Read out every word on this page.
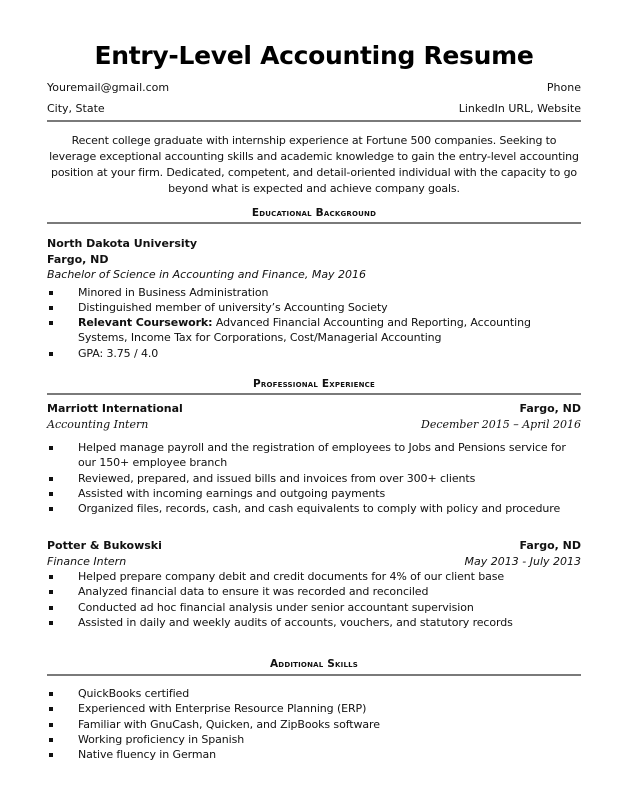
Entry-Level Accounting Resume
Youremail@gmail.com	Phone
City, State	LinkedIn URL, Website
Recent college graduate with internship experience at Fortune 500 companies. Seeking to leverage exceptional accounting skills and academic knowledge to gain the entry-level accounting position at your firm. Dedicated, competent, and detail-oriented individual with the capacity to go beyond what is expected and achieve company goals.
Educational Background
North Dakota University
Fargo, ND
Bachelor of Science in Accounting and Finance, May 2016
Minored in Business Administration
Distinguished member of university’s Accounting Society
Relevant Coursework: Advanced Financial Accounting and Reporting, Accounting Systems, Income Tax for Corporations, Cost/Managerial Accounting
GPA: 3.75 / 4.0
Professional Experience
Marriott International	Fargo, ND
Accounting Intern	December 2015 – April 2016
Helped manage payroll and the registration of employees to Jobs and Pensions service for our 150+ employee branch
Reviewed, prepared, and issued bills and invoices from over 300+ clients
Assisted with incoming earnings and outgoing payments
Organized files, records, cash, and cash equivalents to comply with policy and procedure
Potter & Bukowski	Fargo, ND
Finance Intern	May 2013 - July 2013
Helped prepare company debit and credit documents for 4% of our client base
Analyzed financial data to ensure it was recorded and reconciled
Conducted ad hoc financial analysis under senior accountant supervision
Assisted in daily and weekly audits of accounts, vouchers, and statutory records
Additional Skills
QuickBooks certified
Experienced with Enterprise Resource Planning (ERP)
Familiar with GnuCash, Quicken, and ZipBooks software
Working proficiency in Spanish
Native fluency in German
